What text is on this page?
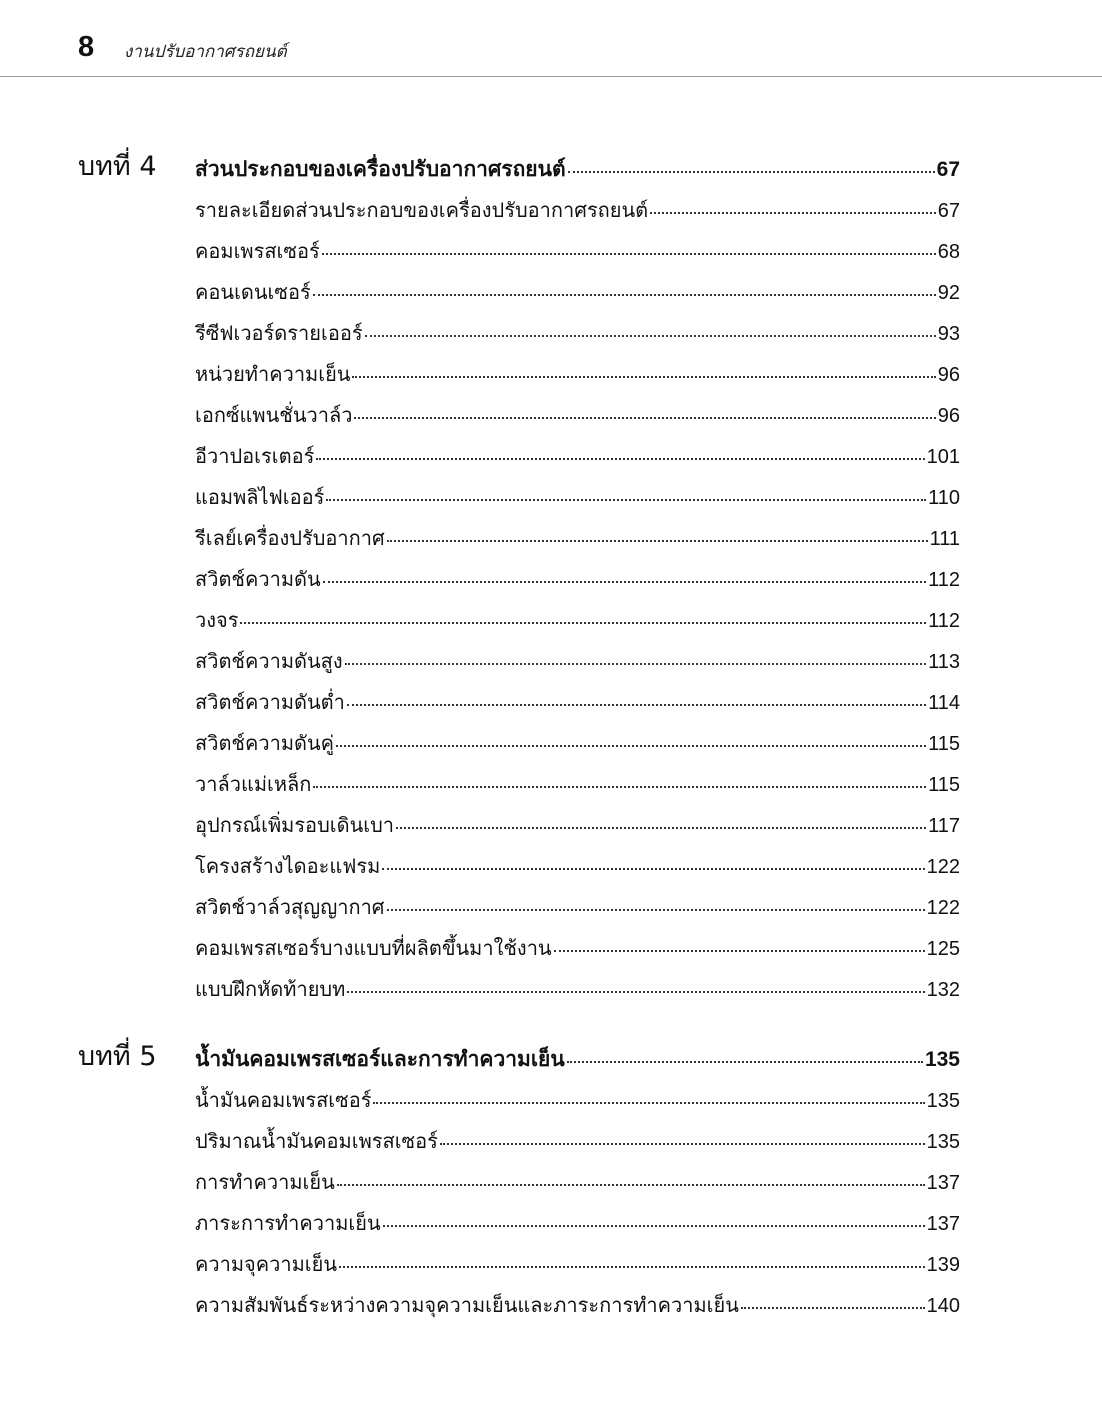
8 งานปรับอากาศรถยนต์
บทที่ 4 ส่วนประกอบของเครื่องปรับอากาศรถยนต์	67
รายละเอียดส่วนประกอบของเครื่องปรับอากาศรถยนต์	67
คอมเพรสเซอร์	68
คอนเดนเซอร์	92
รีซีฟเวอร์ดรายเออร์	93
หน่วยทำความเย็น	96
เอกซ์แพนชั่นวาล์ว	96
อีวาปอเรเตอร์	101
แอมพลิไฟเออร์	110
รีเลย์เครื่องปรับอากาศ	111
สวิตช์ความดัน	112
วงจร	112
สวิตช์ความดันสูง	113
สวิตช์ความดันต่ำ	114
สวิตช์ความดันคู่	115
วาล์วแม่เหล็ก	115
อุปกรณ์เพิ่มรอบเดินเบา	117
โครงสร้างไดอะแฟรม	122
สวิตช์วาล์วสุญญากาศ	122
คอมเพรสเซอร์บางแบบที่ผลิตขึ้นมาใช้งาน	125
แบบฝึกหัดท้ายบท	132
บทที่ 5 น้ำมันคอมเพรสเซอร์และการทำความเย็น	135
น้ำมันคอมเพรสเซอร์	135
ปริมาณน้ำมันคอมเพรสเซอร์	135
การทำความเย็น	137
ภาระการทำความเย็น	137
ความจุความเย็น	139
ความสัมพันธ์ระหว่างความจุความเย็นและภาระการทำความเย็น	140
